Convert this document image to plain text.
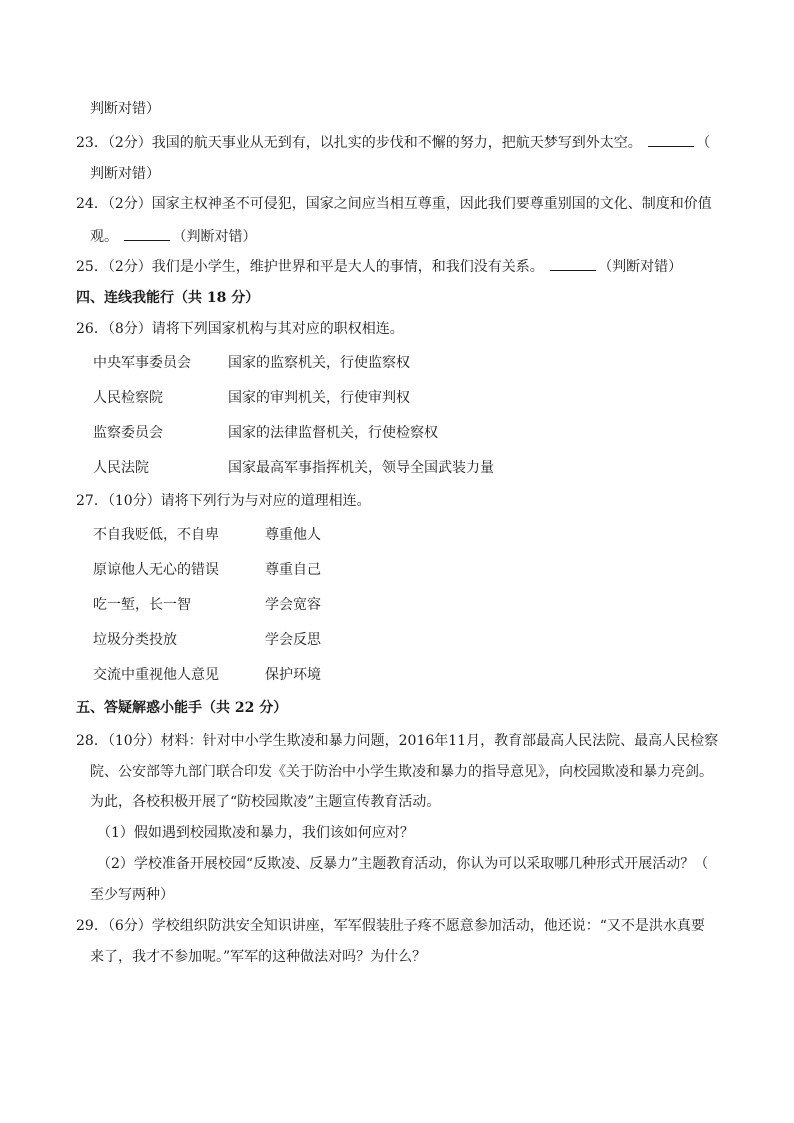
判断对错）
23．（2分）我国的航天事业从无到有，以扎实的步伐和不懈的努力，把航天梦写到外太空。	（
判断对错）
24．（2分）国家主权神圣不可侵犯，国家之间应当相互尊重，因此我们要尊重别国的文化、制度和价值
观。	（判断对错）
25．（2分）我们是小学生，维护世界和平是大人的事情，和我们没有关系。	（判断对错）
四、连线我能行（共 18 分）
26．（8分）请将下列国家机构与其对应的职权相连。
中央军事委员会	国家的监察机关，行使监察权
人民检察院	国家的审判机关，行使审判权
监察委员会	国家的法律监督机关，行使检察权
人民法院	国家最高军事指挥机关，领导全国武装力量
27．（10分）请将下列行为与对应的道理相连。
不自我贬低，不自卑	尊重他人
原谅他人无心的错误	尊重自己
吃一堑，长一智	学会宽容
垃圾分类投放	学会反思
交流中重视他人意见	保护环境
五、答疑解惑小能手（共 22 分）
28．（10分）材料：针对中小学生欺凌和暴力问题，2016年11月，教育部最高人民法院、最高人民检察
院、公安部等九部门联合印发《关于防治中小学生欺凌和暴力的指导意见》，向校园欺凌和暴力亮剑。
为此，各校积极开展了“防校园欺凌”主题宣传教育活动。
（1）假如遇到校园欺凌和暴力，我们该如何应对？
（2）学校准备开展校园“反欺凌、反暴力”主题教育活动，你认为可以采取哪几种形式开展活动？（
至少写两种）
29．（6分）学校组织防洪安全知识讲座，军军假装肚子疼不愿意参加活动，他还说：“又不是洪水真要
来了，我才不参加呢。”军军的这种做法对吗？为什么？
